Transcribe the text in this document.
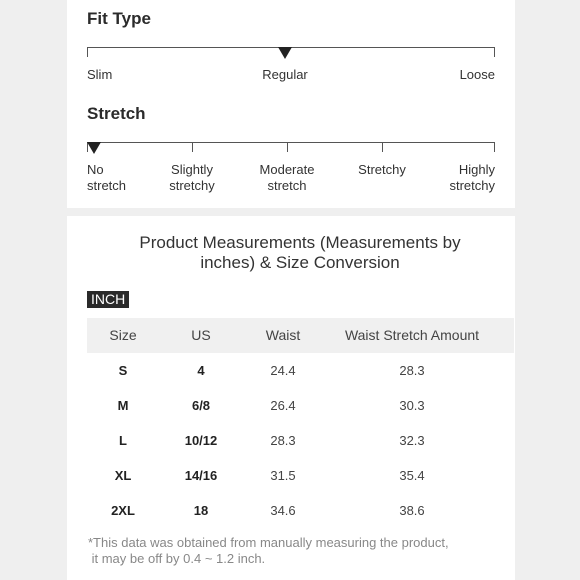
Fit Type
Slim	Regular	Loose
Stretch
No
stretch
Slightly
stretchy
Moderate
stretch
Stretchy	Highly
stretchy
Product Measurements (Measurements by
inches) & Size Conversion
INCH
Size	US	Waist	Waist Stretch Amount
S	4	24.4	28.3
M	6/8	26.4	30.3
L	10/12	28.3	32.3
XL	14/16	31.5	35.4
2XL	18	34.6	38.6
*This data was obtained from manually measuring the product,
it may be off by 0.4 ~ 1.2 inch.
